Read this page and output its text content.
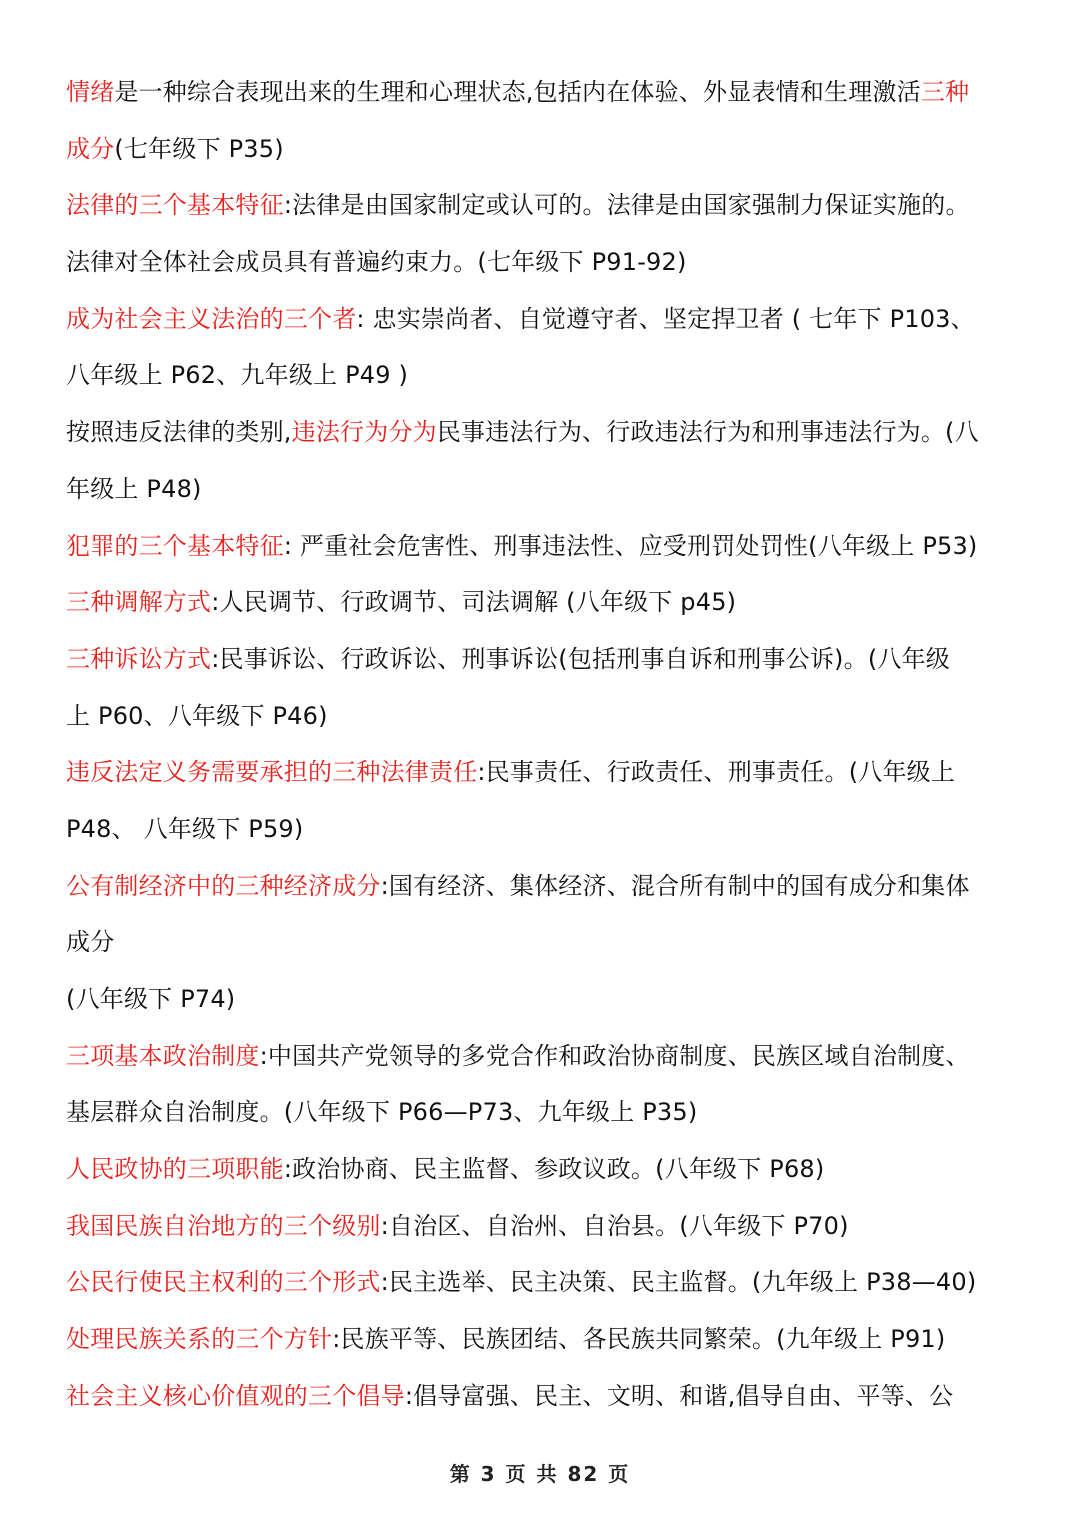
情绪是一种综合表现出来的生理和心理状态,包括内在体验、外显表情和生理激活三种
成分(七年级下 P35)
法律的三个基本特征:法律是由国家制定或认可的。法律是由国家强制力保证实施的。
法律对全体社会成员具有普遍约束力。(七年级下 P91-92)
成为社会主义法治的三个者: 忠实崇尚者、自觉遵守者、坚定捍卫者 ( 七年下 P103、
八年级上 P62、九年级上 P49 )
按照违反法律的类别,违法行为分为民事违法行为、行政违法行为和刑事违法行为。(八
年级上 P48)
犯罪的三个基本特征: 严重社会危害性、刑事违法性、应受刑罚处罚性(八年级上 P53)
三种调解方式:人民调节、行政调节、司法调解 (八年级下 p45)
三种诉讼方式:民事诉讼、行政诉讼、刑事诉讼(包括刑事自诉和刑事公诉)。(八年级
上 P60、八年级下 P46)
违反法定义务需要承担的三种法律责任:民事责任、行政责任、刑事责任。(八年级上
P48、 八年级下 P59)
公有制经济中的三种经济成分:国有经济、集体经济、混合所有制中的国有成分和集体
成分
(八年级下 P74)
三项基本政治制度:中国共产党领导的多党合作和政治协商制度、民族区域自治制度、
基层群众自治制度。(八年级下 P66—P73、九年级上 P35)
人民政协的三项职能:政治协商、民主监督、参政议政。(八年级下 P68)
我国民族自治地方的三个级别:自治区、自治州、自治县。(八年级下 P70)
公民行使民主权利的三个形式:民主选举、民主决策、民主监督。(九年级上 P38—40)
处理民族关系的三个方针:民族平等、民族团结、各民族共同繁荣。(九年级上 P91)
社会主义核心价值观的三个倡导:倡导富强、民主、文明、和谐,倡导自由、平等、公
第 3 页 共 82 页
